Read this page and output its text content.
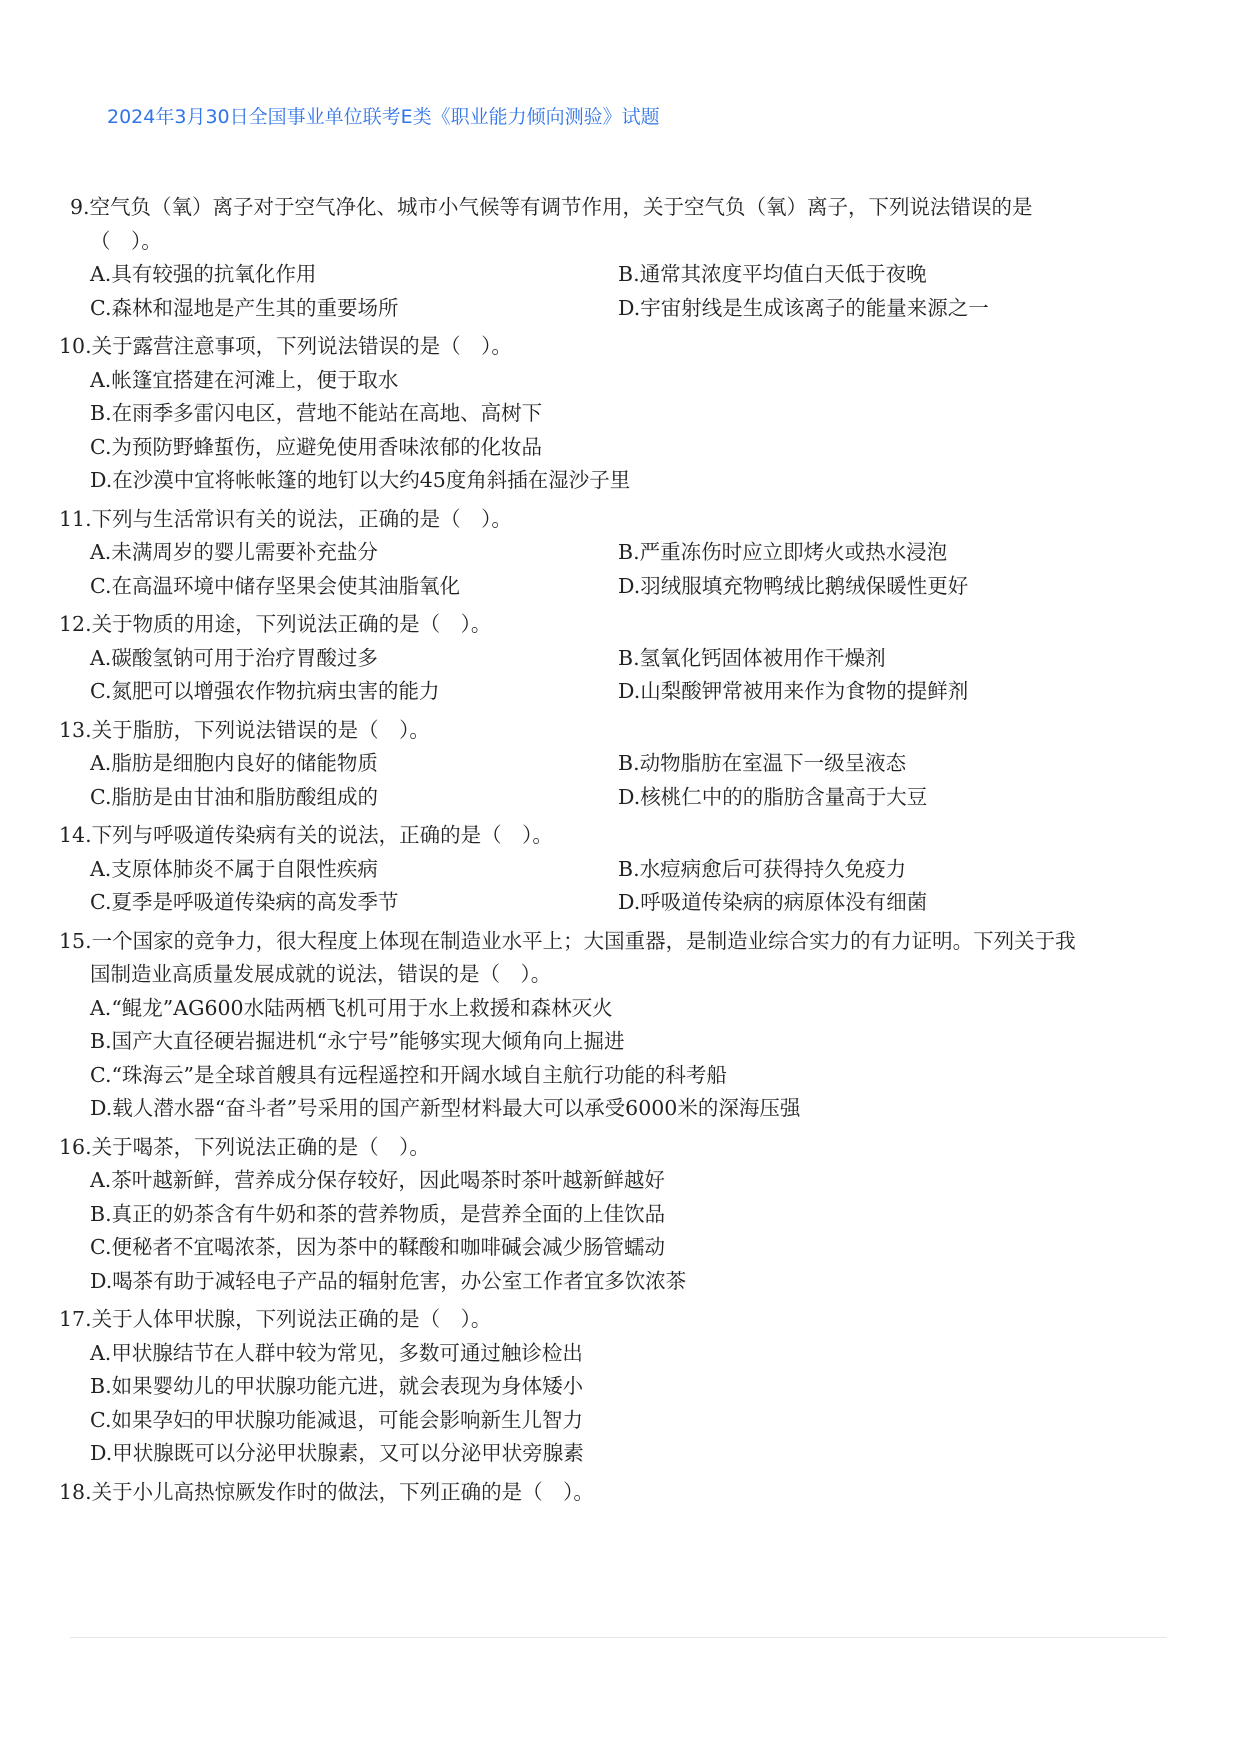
2024年3月30日全国事业单位联考E类《职业能力倾向测验》试题
9.空气负（氧）离子对于空气净化、城市小气候等有调节作用，关于空气负（氧）离子，下列说法错误的是
（　）。
A.具有较强的抗氧化作用	B.通常其浓度平均值白天低于夜晚
C.森林和湿地是产生其的重要场所	D.宇宙射线是生成该离子的能量来源之一
10.关于露营注意事项，下列说法错误的是（　）。
A.帐篷宜搭建在河滩上，便于取水
B.在雨季多雷闪电区，营地不能站在高地、高树下
C.为预防野蜂蜇伤，应避免使用香味浓郁的化妆品
D.在沙漠中宜将帐帐篷的地钉以大约45度角斜插在湿沙子里
11.下列与生活常识有关的说法，正确的是（　）。
A.未满周岁的婴儿需要补充盐分	B.严重冻伤时应立即烤火或热水浸泡
C.在高温环境中储存坚果会使其油脂氧化	D.羽绒服填充物鸭绒比鹅绒保暖性更好
12.关于物质的用途，下列说法正确的是（　）。
A.碳酸氢钠可用于治疗胃酸过多	B.氢氧化钙固体被用作干燥剂
C.氮肥可以增强农作物抗病虫害的能力	D.山梨酸钾常被用来作为食物的提鲜剂
13.关于脂肪，下列说法错误的是（　）。
A.脂肪是细胞内良好的储能物质	B.动物脂肪在室温下一级呈液态
C.脂肪是由甘油和脂肪酸组成的	D.核桃仁中的的脂肪含量高于大豆
14.下列与呼吸道传染病有关的说法，正确的是（　）。
A.支原体肺炎不属于自限性疾病	B.水痘病愈后可获得持久免疫力
C.夏季是呼吸道传染病的高发季节	D.呼吸道传染病的病原体没有细菌
15.一个国家的竞争力，很大程度上体现在制造业水平上；大国重器，是制造业综合实力的有力证明。下列关于我
国制造业高质量发展成就的说法，错误的是（　）。
A.“鲲龙”AG600水陆两栖飞机可用于水上救援和森林灭火
B.国产大直径硬岩掘进机“永宁号”能够实现大倾角向上掘进
C.“珠海云”是全球首艘具有远程遥控和开阔水域自主航行功能的科考船
D.载人潜水器“奋斗者”号采用的国产新型材料最大可以承受6000米的深海压强
16.关于喝茶，下列说法正确的是（　）。
A.茶叶越新鲜，营养成分保存较好，因此喝茶时茶叶越新鲜越好
B.真正的奶茶含有牛奶和茶的营养物质，是营养全面的上佳饮品
C.便秘者不宜喝浓茶，因为茶中的鞣酸和咖啡碱会减少肠管蠕动
D.喝茶有助于减轻电子产品的辐射危害，办公室工作者宜多饮浓茶
17.关于人体甲状腺，下列说法正确的是（　）。
A.甲状腺结节在人群中较为常见，多数可通过触诊检出
B.如果婴幼儿的甲状腺功能亢进，就会表现为身体矮小
C.如果孕妇的甲状腺功能减退，可能会影响新生儿智力
D.甲状腺既可以分泌甲状腺素，又可以分泌甲状旁腺素
18.关于小儿高热惊厥发作时的做法，下列正确的是（　）。
